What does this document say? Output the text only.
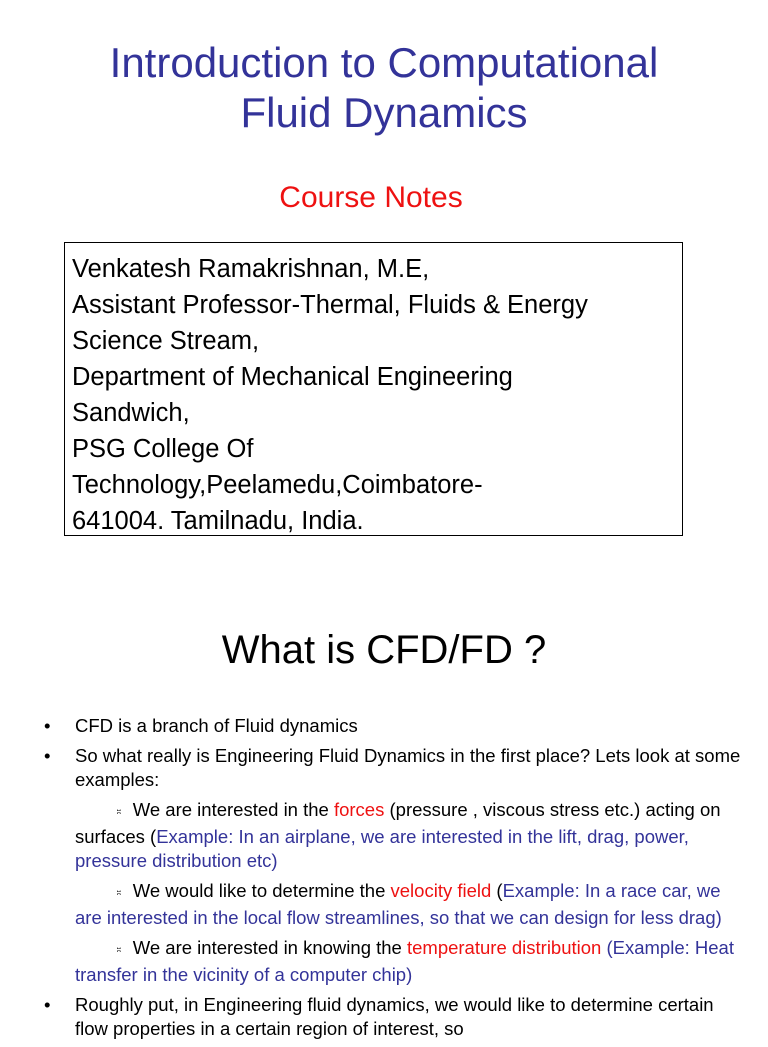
Introduction to Computational
Fluid Dynamics
Course Notes
Venkatesh Ramakrishnan, M.E,
Assistant Professor-Thermal, Fluids & Energy
Science Stream,
Department of Mechanical Engineering
Sandwich,
PSG College Of
Technology,Peelamedu,Coimbatore-
641004. Tamilnadu, India.
What is CFD/FD ?
• CFD is a branch of Fluid dynamics
• So what really is Engineering Fluid Dynamics in the first place? Lets look at some examples:
⎶ We are interested in the forces (pressure , viscous stress etc.) acting on surfaces (Example: In an airplane, we are interested in the lift, drag, power, pressure distribution etc)
⎶ We would like to determine the velocity field (Example: In a race car, we are interested in the local flow streamlines, so that we can design for less drag)
⎶ We are interested in knowing the temperature distribution (Example: Heat transfer in the vicinity of a computer chip)
• Roughly put, in Engineering fluid dynamics, we would like to determine certain flow properties in a certain region of interest, so
